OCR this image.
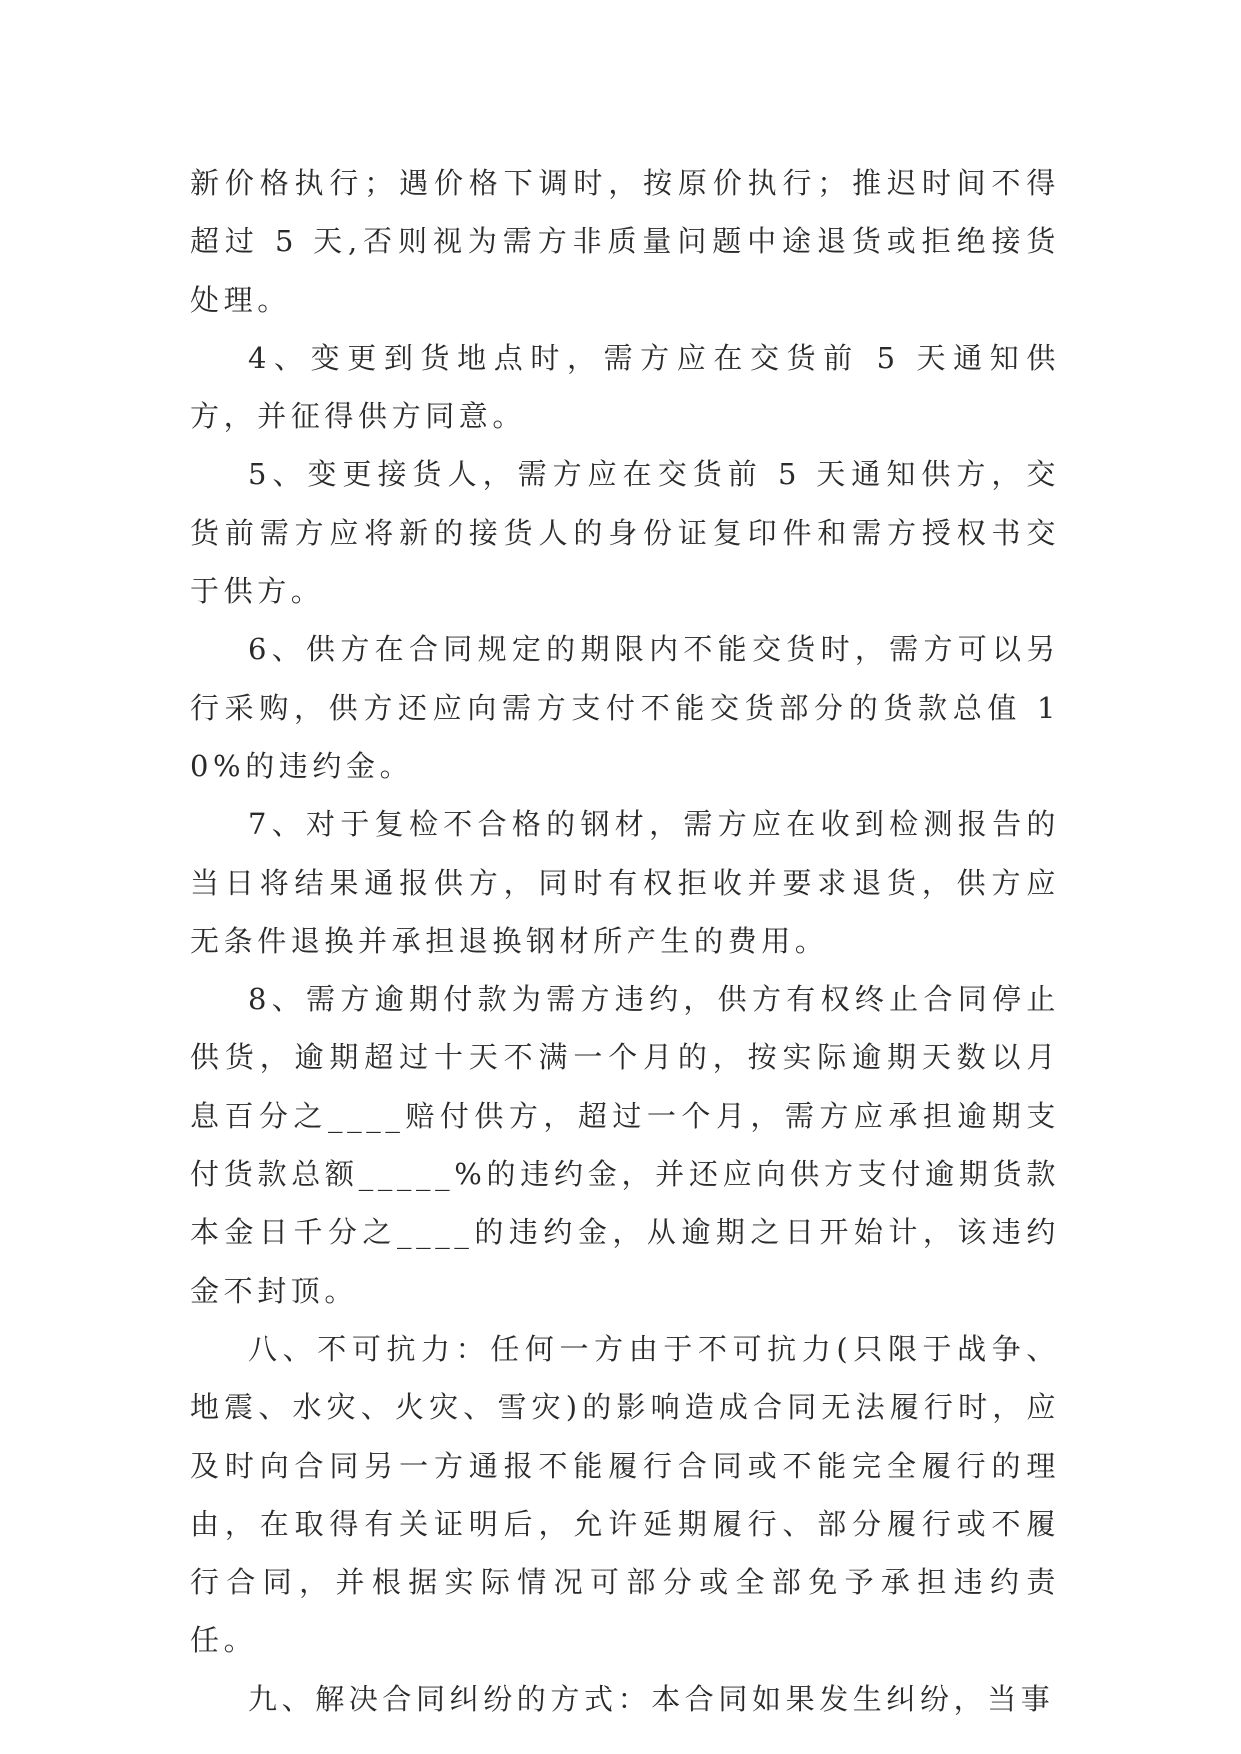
新价格执行；遇价格下调时，按原价执行；推迟时间不得超过 5 天,否则视为需方非质量问题中途退货或拒绝接货处理。

4、变更到货地点时，需方应在交货前 5 天通知供方，并征得供方同意。

5、变更接货人，需方应在交货前 5 天通知供方，交货前需方应将新的接货人的身份证复印件和需方授权书交于供方。

6、供方在合同规定的期限内不能交货时，需方可以另行采购，供方还应向需方支付不能交货部分的货款总值 10%的违约金。

7、对于复检不合格的钢材，需方应在收到检测报告的当日将结果通报供方，同时有权拒收并要求退货，供方应无条件退换并承担退换钢材所产生的费用。

8、需方逾期付款为需方违约，供方有权终止合同停止供货，逾期超过十天不满一个月的，按实际逾期天数以月息百分之____赔付供方，超过一个月，需方应承担逾期支付货款总额_____%的违约金，并还应向供方支付逾期货款本金日千分之____的违约金，从逾期之日开始计，该违约金不封顶。

八、不可抗力：任何一方由于不可抗力(只限于战争、地震、水灾、火灾、雪灾)的影响造成合同无法履行时，应及时向合同另一方通报不能履行合同或不能完全履行的理由，在取得有关证明后，允许延期履行、部分履行或不履行合同，并根据实际情况可部分或全部免予承担违约责任。

九、解决合同纠纷的方式：本合同如果发生纠纷，当事
